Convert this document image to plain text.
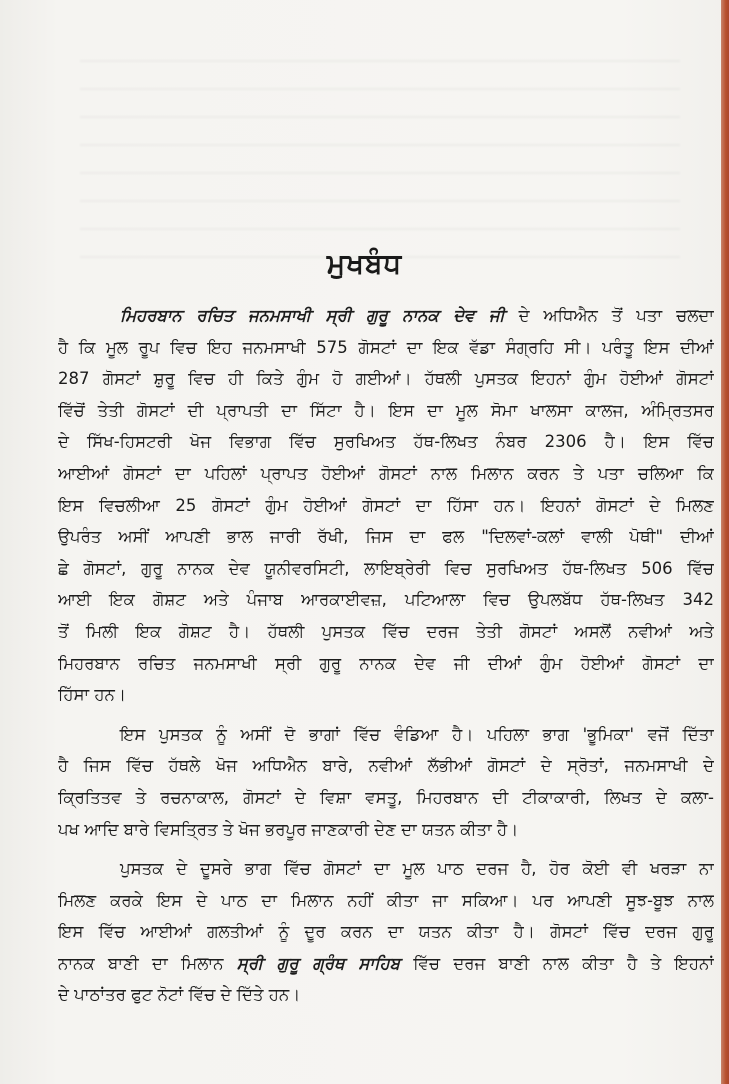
ਮੁਖਬੰਧ
ਮਿਹਰਬਾਨ ਰਚਿਤ ਜਨਮਸਾਖੀ ਸ੍ਰੀ ਗੁਰੂ ਨਾਨਕ ਦੇਵ ਜੀ ਦੇ ਅਧਿਐਨ ਤੋਂ ਪਤਾ ਚਲਦਾ
ਹੈ ਕਿ ਮੂਲ ਰੂਪ ਵਿਚ ਇਹ ਜਨਮਸਾਖੀ 575 ਗੋਸਟਾਂ ਦਾ ਇਕ ਵੱਡਾ ਸੰਗ੍ਰਹਿ ਸੀ। ਪਰੰਤੂ ਇਸ ਦੀਆਂ
287 ਗੋਸਟਾਂ ਸ਼ੁਰੂ ਵਿਚ ਹੀ ਕਿਤੇ ਗੁੰਮ ਹੋ ਗਈਆਂ। ਹੱਥਲੀ ਪੁਸਤਕ ਇਹਨਾਂ ਗੁੰਮ ਹੋਈਆਂ ਗੋਸਟਾਂ
ਵਿੱਚੋਂ ਤੇਤੀ ਗੋਸਟਾਂ ਦੀ ਪ੍ਰਾਪਤੀ ਦਾ ਸਿੱਟਾ ਹੈ। ਇਸ ਦਾ ਮੂਲ ਸੋਮਾ ਖਾਲਸਾ ਕਾਲਜ, ਅੰਮ੍ਰਿਤਸਰ
ਦੇ ਸਿੱਖ-ਹਿਸਟਰੀ ਖੋਜ ਵਿਭਾਗ ਵਿੱਚ ਸੁਰਖਿਅਤ ਹੱਥ-ਲਿਖਤ ਨੰਬਰ 2306 ਹੈ। ਇਸ ਵਿੱਚ
ਆਈਆਂ ਗੋਸਟਾਂ ਦਾ ਪਹਿਲਾਂ ਪ੍ਰਾਪਤ ਹੋਈਆਂ ਗੋਸਟਾਂ ਨਾਲ ਮਿਲਾਨ ਕਰਨ ਤੇ ਪਤਾ ਚਲਿਆ ਕਿ
ਇਸ ਵਿਚਲੀਆ 25 ਗੋਸਟਾਂ ਗੁੰਮ ਹੋਈਆਂ ਗੋਸਟਾਂ ਦਾ ਹਿੱਸਾ ਹਨ। ਇਹਨਾਂ ਗੋਸਟਾਂ ਦੇ ਮਿਲਣ
ਉਪਰੰਤ ਅਸੀਂ ਆਪਣੀ ਭਾਲ ਜਾਰੀ ਰੱਖੀ, ਜਿਸ ਦਾ ਫਲ "ਦਿਲਵਾਂ-ਕਲਾਂ ਵਾਲੀ ਪੋਥੀ" ਦੀਆਂ
ਛੇ ਗੋਸਟਾਂ, ਗੁਰੂ ਨਾਨਕ ਦੇਵ ਯੂਨੀਵਰਸਿਟੀ, ਲਾਇਬ੍ਰੇਰੀ ਵਿਚ ਸੁਰਖਿਅਤ ਹੱਥ-ਲਿਖਤ 506 ਵਿੱਚ
ਆਈ ਇਕ ਗੋਸ਼ਟ ਅਤੇ ਪੰਜਾਬ ਆਰਕਾਈਵਜ਼, ਪਟਿਆਲਾ ਵਿਚ ਉਪਲਬੱਧ ਹੱਥ-ਲਿਖਤ 342
ਤੋਂ ਮਿਲੀ ਇਕ ਗੋਸ਼ਟ ਹੈ। ਹੱਥਲੀ ਪੁਸਤਕ ਵਿੱਚ ਦਰਜ ਤੇਤੀ ਗੋਸਟਾਂ ਅਸਲੋਂ ਨਵੀਆਂ ਅਤੇ
ਮਿਹਰਬਾਨ ਰਚਿਤ ਜਨਮਸਾਖੀ ਸ੍ਰੀ ਗੁਰੂ ਨਾਨਕ ਦੇਵ ਜੀ ਦੀਆਂ ਗੁੰਮ ਹੋਈਆਂ ਗੋਸਟਾਂ ਦਾ
ਹਿੱਸਾ ਹਨ।
ਇਸ ਪੁਸਤਕ ਨੂੰ ਅਸੀਂ ਦੋ ਭਾਗਾਂ ਵਿੱਚ ਵੰਡਿਆ ਹੈ। ਪਹਿਲਾ ਭਾਗ 'ਭੂਮਿਕਾ' ਵਜੋਂ ਦਿੱਤਾ
ਹੈ ਜਿਸ ਵਿੱਚ ਹੱਥਲੇ ਖੋਜ ਅਧਿਐਨ ਬਾਰੇ, ਨਵੀਆਂ ਲੱਭੀਆਂ ਗੋਸਟਾਂ ਦੇ ਸ੍ਰੋਤਾਂ, ਜਨਮਸਾਖੀ ਦੇ
ਕ੍ਰਿਤਿਤਵ ਤੇ ਰਚਨਾਕਾਲ, ਗੋਸਟਾਂ ਦੇ ਵਿਸ਼ਾ ਵਸਤੂ, ਮਿਹਰਬਾਨ ਦੀ ਟੀਕਾਕਾਰੀ, ਲਿਖਤ ਦੇ ਕਲਾ-
ਪਖ ਆਦਿ ਬਾਰੇ ਵਿਸਤ੍ਰਿਤ ਤੇ ਖੋਜ ਭਰਪੂਰ ਜਾਣਕਾਰੀ ਦੇਣ ਦਾ ਯਤਨ ਕੀਤਾ ਹੈ।
ਪੁਸਤਕ ਦੇ ਦੂਸਰੇ ਭਾਗ ਵਿੱਚ ਗੋਸਟਾਂ ਦਾ ਮੂਲ ਪਾਠ ਦਰਜ ਹੈ, ਹੋਰ ਕੋਈ ਵੀ ਖਰੜਾ ਨਾ
ਮਿਲਣ ਕਰਕੇ ਇਸ ਦੇ ਪਾਠ ਦਾ ਮਿਲਾਨ ਨਹੀਂ ਕੀਤਾ ਜਾ ਸਕਿਆ। ਪਰ ਆਪਣੀ ਸੂਝ-ਬੂਝ ਨਾਲ
ਇਸ ਵਿੱਚ ਆਈਆਂ ਗਲਤੀਆਂ ਨੂੰ ਦੂਰ ਕਰਨ ਦਾ ਯਤਨ ਕੀਤਾ ਹੈ। ਗੋਸਟਾਂ ਵਿੱਚ ਦਰਜ ਗੁਰੂ
ਨਾਨਕ ਬਾਣੀ ਦਾ ਮਿਲਾਨ ਸ੍ਰੀ ਗੁਰੂ ਗ੍ਰੰਥ ਸਾਹਿਬ ਵਿੱਚ ਦਰਜ ਬਾਣੀ ਨਾਲ ਕੀਤਾ ਹੈ ਤੇ ਇਹਨਾਂ
ਦੇ ਪਾਠਾਂਤਰ ਫੁਟ ਨੋਟਾਂ ਵਿੱਚ ਦੇ ਦਿੱਤੇ ਹਨ।
